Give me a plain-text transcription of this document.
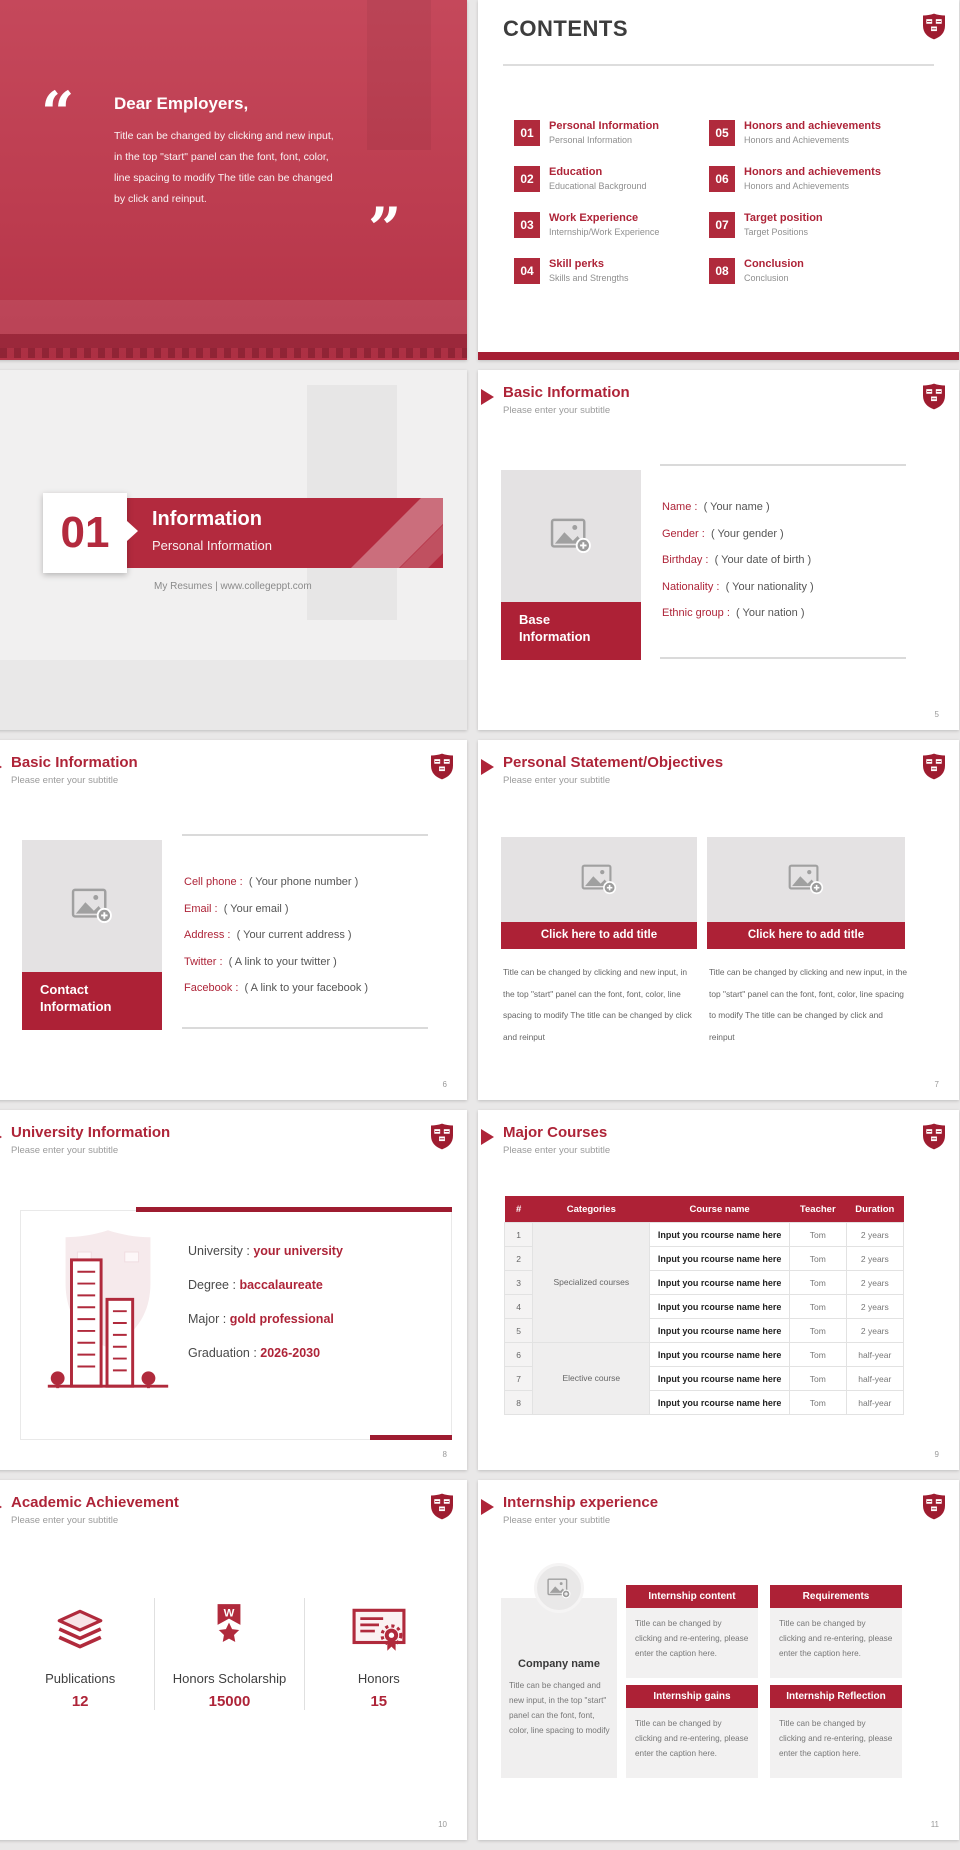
“
”
Dear Employers,
Title can be changed by clicking and new input, in the top "start" panel can the font, font, color, line spacing to modify The title can be changed by click and reinput.
CONTENTS
01	Personal Information
Personal Information
02	Education
Educational Background
03	Work Experience
Internship/Work Experience
04	Skill perks
Skills and Strengths
05	Honors and achievements
Honors and Achievements
06	Honors and achievements
Honors and Achievements
07	Target position
Target Positions
08	Conclusion
Conclusion
Information
Personal Information
01
My Resumes | www.collegeppt.com
Basic Information
Please enter your subtitle
Base Information
Name : ( Your name )
Gender : ( Your gender )
Birthday : ( Your date of birth )
Nationality : ( Your nationality )
Ethnic group : ( Your nation )
5
Basic Information
Please enter your subtitle
Contact Information
Cell phone : ( Your phone number )
Email : ( Your email )
Address : ( Your current address )
Twitter : ( A link to your twitter )
Facebook : ( A link to your facebook )
6
Personal Statement/Objectives
Please enter your subtitle
Click here to add title	Click here to add title
Title can be changed by clicking and new input, in the top "start" panel can the font, font, color, line spacing to modify The title can be changed by click and reinput
Title can be changed by clicking and new input, in the top "start" panel can the font, font, color, line spacing to modify The title can be changed by click and reinput
7
University Information
Please enter your subtitle
University : your university
Degree : baccalaureate
Major : gold professional
Graduation : 2026-2030
8
Major Courses
Please enter your subtitle
#	Categories	Course name	Teacher	Duration
1	Specialized courses	Input you rcourse name here	Tom	2 years
2		Input you rcourse name here	Tom	2 years
3		Input you rcourse name here	Tom	2 years
4		Input you rcourse name here	Tom	2 years
5		Input you rcourse name here	Tom	2 years
6	Elective course	Input you rcourse name here	Tom	half-year
7		Input you rcourse name here	Tom	half-year
8		Input you rcourse name here	Tom	half-year
9
Academic Achievement
Please enter your subtitle
Publications
12
Honors Scholarship
15000
Honors
15
10
Internship experience
Please enter your subtitle
Company name
Title can be changed and new input, in the top "start" panel can the font, font, color, line spacing to modify
Internship content
Title can be changed by clicking and re-entering, please enter the caption here.
Requirements
Title can be changed by clicking and re-entering, please enter the caption here.
Internship gains
Title can be changed by clicking and re-entering, please enter the caption here.
Internship Reflection
Title can be changed by clicking and re-entering, please enter the caption here.
11
